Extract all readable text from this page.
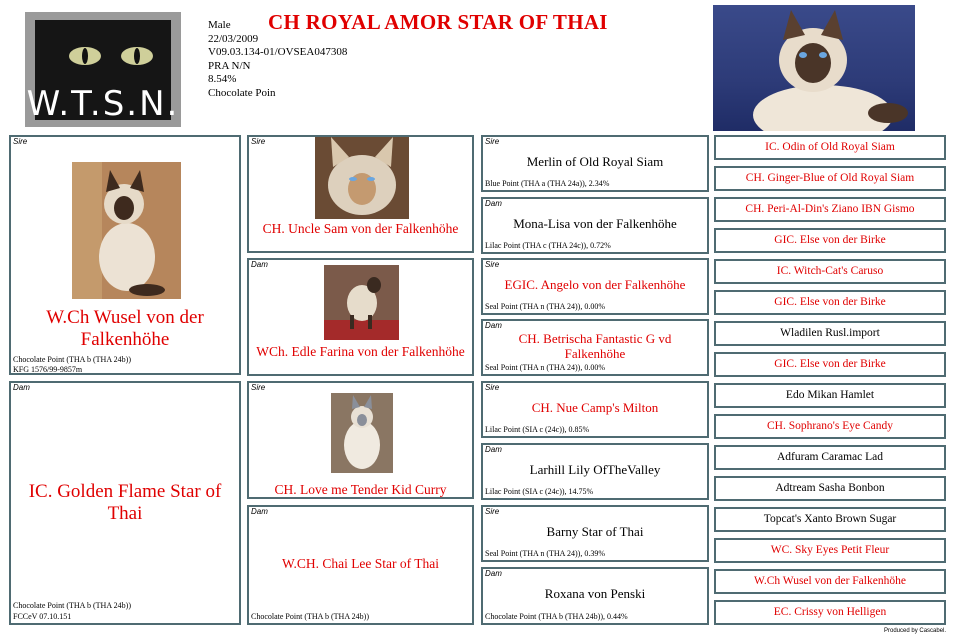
W.T.S.N.
Male
22/03/2009
V09.03.134-01/OVSEA047308
PRA N/N
8.54%
Chocolate Poin
CH ROYAL AMOR STAR OF THAI
Sire
W.Ch Wusel von der Falkenhöhe
Chocolate Point (THA b (THA 24b))
KFG 1576/99-9857m
Dam
IC. Golden Flame Star of Thai
Chocolate Point (THA b (THA 24b))
FCCeV 07.10.151
Sire
CH. Uncle Sam von der Falkenhöhe
Dam
WCh. Edle Farina von der Falkenhöhe
Sire
CH. Love me Tender Kid Curry
Dam
W.CH. Chai Lee Star of Thai
Chocolate Point (THA b (THA 24b))
Sire
Merlin of Old Royal Siam
Blue Point (THA a (THA 24a)), 2.34%
Dam
Mona-Lisa von der Falkenhöhe
Lilac Point (THA c (THA 24c)), 0.72%
Sire
EGIC. Angelo von der Falkenhöhe
Seal Point (THA n (THA 24)), 0.00%
Dam
CH. Betrischa Fantastic G vd Falkenhöhe
Seal Point (THA n (THA 24)), 0.00%
Sire
CH. Nue Camp's Milton
Lilac Point (SIA c (24c)), 0.85%
Dam
Larhill Lily OfTheValley
Lilac Point (SIA c (24c)), 14.75%
Sire
Barny Star of Thai
Seal Point (THA n (THA 24)), 0.39%
Dam
Roxana von Penski
Chocolate Point (THA b (THA 24b)), 0.44%
IC. Odin of Old Royal Siam
CH. Ginger-Blue of Old Royal Siam
CH. Peri-Al-Din's Ziano IBN Gismo
GIC. Else von der Birke
IC. Witch-Cat's Caruso
GIC. Else von der Birke
Wladilen Rusl.import
GIC. Else von der Birke
Edo Mikan Hamlet
CH. Sophrano's Eye Candy
Adfuram Caramac Lad
Adtream Sasha Bonbon
Topcat's Xanto Brown Sugar
WC. Sky Eyes Petit Fleur
W.Ch Wusel von der Falkenhöhe
EC. Crissy von Helligen
Produced by Cascabel.
